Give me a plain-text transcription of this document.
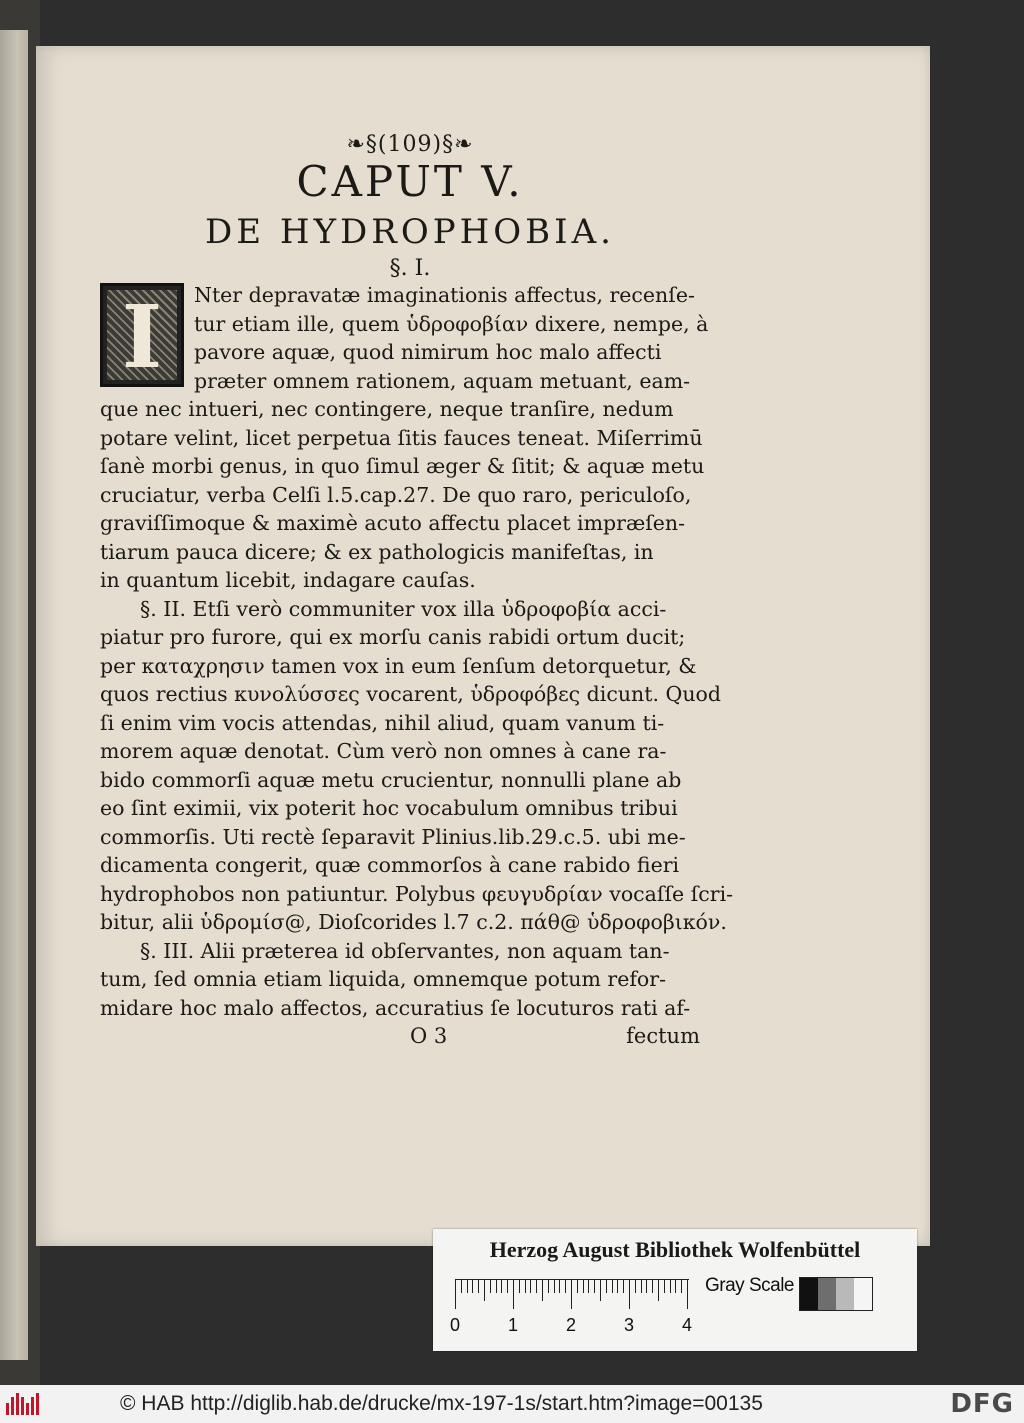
❧§(109)§❧
CAPUT V.
DE HYDROPHOBIA.
§. I.
I	Nter depravatæ imaginationis affectus, recenſe-
tur etiam ille, quem ὑδροφοβίαν dixere, nempe, à
pavore aquæ, quod nimirum hoc malo affecti
præter omnem rationem, aquam metuant, eam-
que nec intueri, nec contingere, neque tranſire, nedum
potare velint, licet perpetua ſitis fauces teneat. Miſerrimū
ſanè morbi genus, in quo ſimul æger & ſitit; & aquæ metu
cruciatur, verba Celſi l.5.cap.27. De quo raro, periculoſo,
graviſſimoque & maximè acuto affectu placet impræſen-
tiarum pauca dicere; & ex pathologicis manifeſtas, in
in quantum licebit, indagare cauſas.

§. II. Etſi verò communiter vox illa ὑδροφοβία acci-
piatur pro furore, qui ex morſu canis rabidi ortum ducit;
per καταχρησιν tamen vox in eum ſenſum detorquetur, &
quos rectius κυνολύσσες vocarent, ὑδροφόβες dicunt. Quod
ſi enim vim vocis attendas, nihil aliud, quam vanum ti-
morem aquæ denotat. Cùm verò non omnes à cane ra-
bido commorſi aquæ metu crucientur, nonnulli plane ab
eo ſint eximii, vix poterit hoc vocabulum omnibus tribui
commorſis. Uti rectè ſeparavit Plinius.lib.29.c.5. ubi me-
dicamenta congerit, quæ commorſos à cane rabido fieri
hydrophobos non patiuntur. Polybus φευγυδρίαν vocaſſe ſcri-
bitur, alii ὑδρομίσ@, Dioſcorides l.7 c.2. πάθ@ ὑδροφοβικόν.

§. III. Alii præterea id obſervantes, non aquam tan-
tum, ſed omnia etiam liquida, omnemque potum refor-
midare hoc malo affectos, accuratius ſe locuturos rati af-

O 3	fectum
Herzog August Bibliothek Wolfenbüttel
0	1	2	3	4
Gray Scale
© HAB http://diglib.hab.de/drucke/mx-197-1s/start.htm?image=00135	DFG
